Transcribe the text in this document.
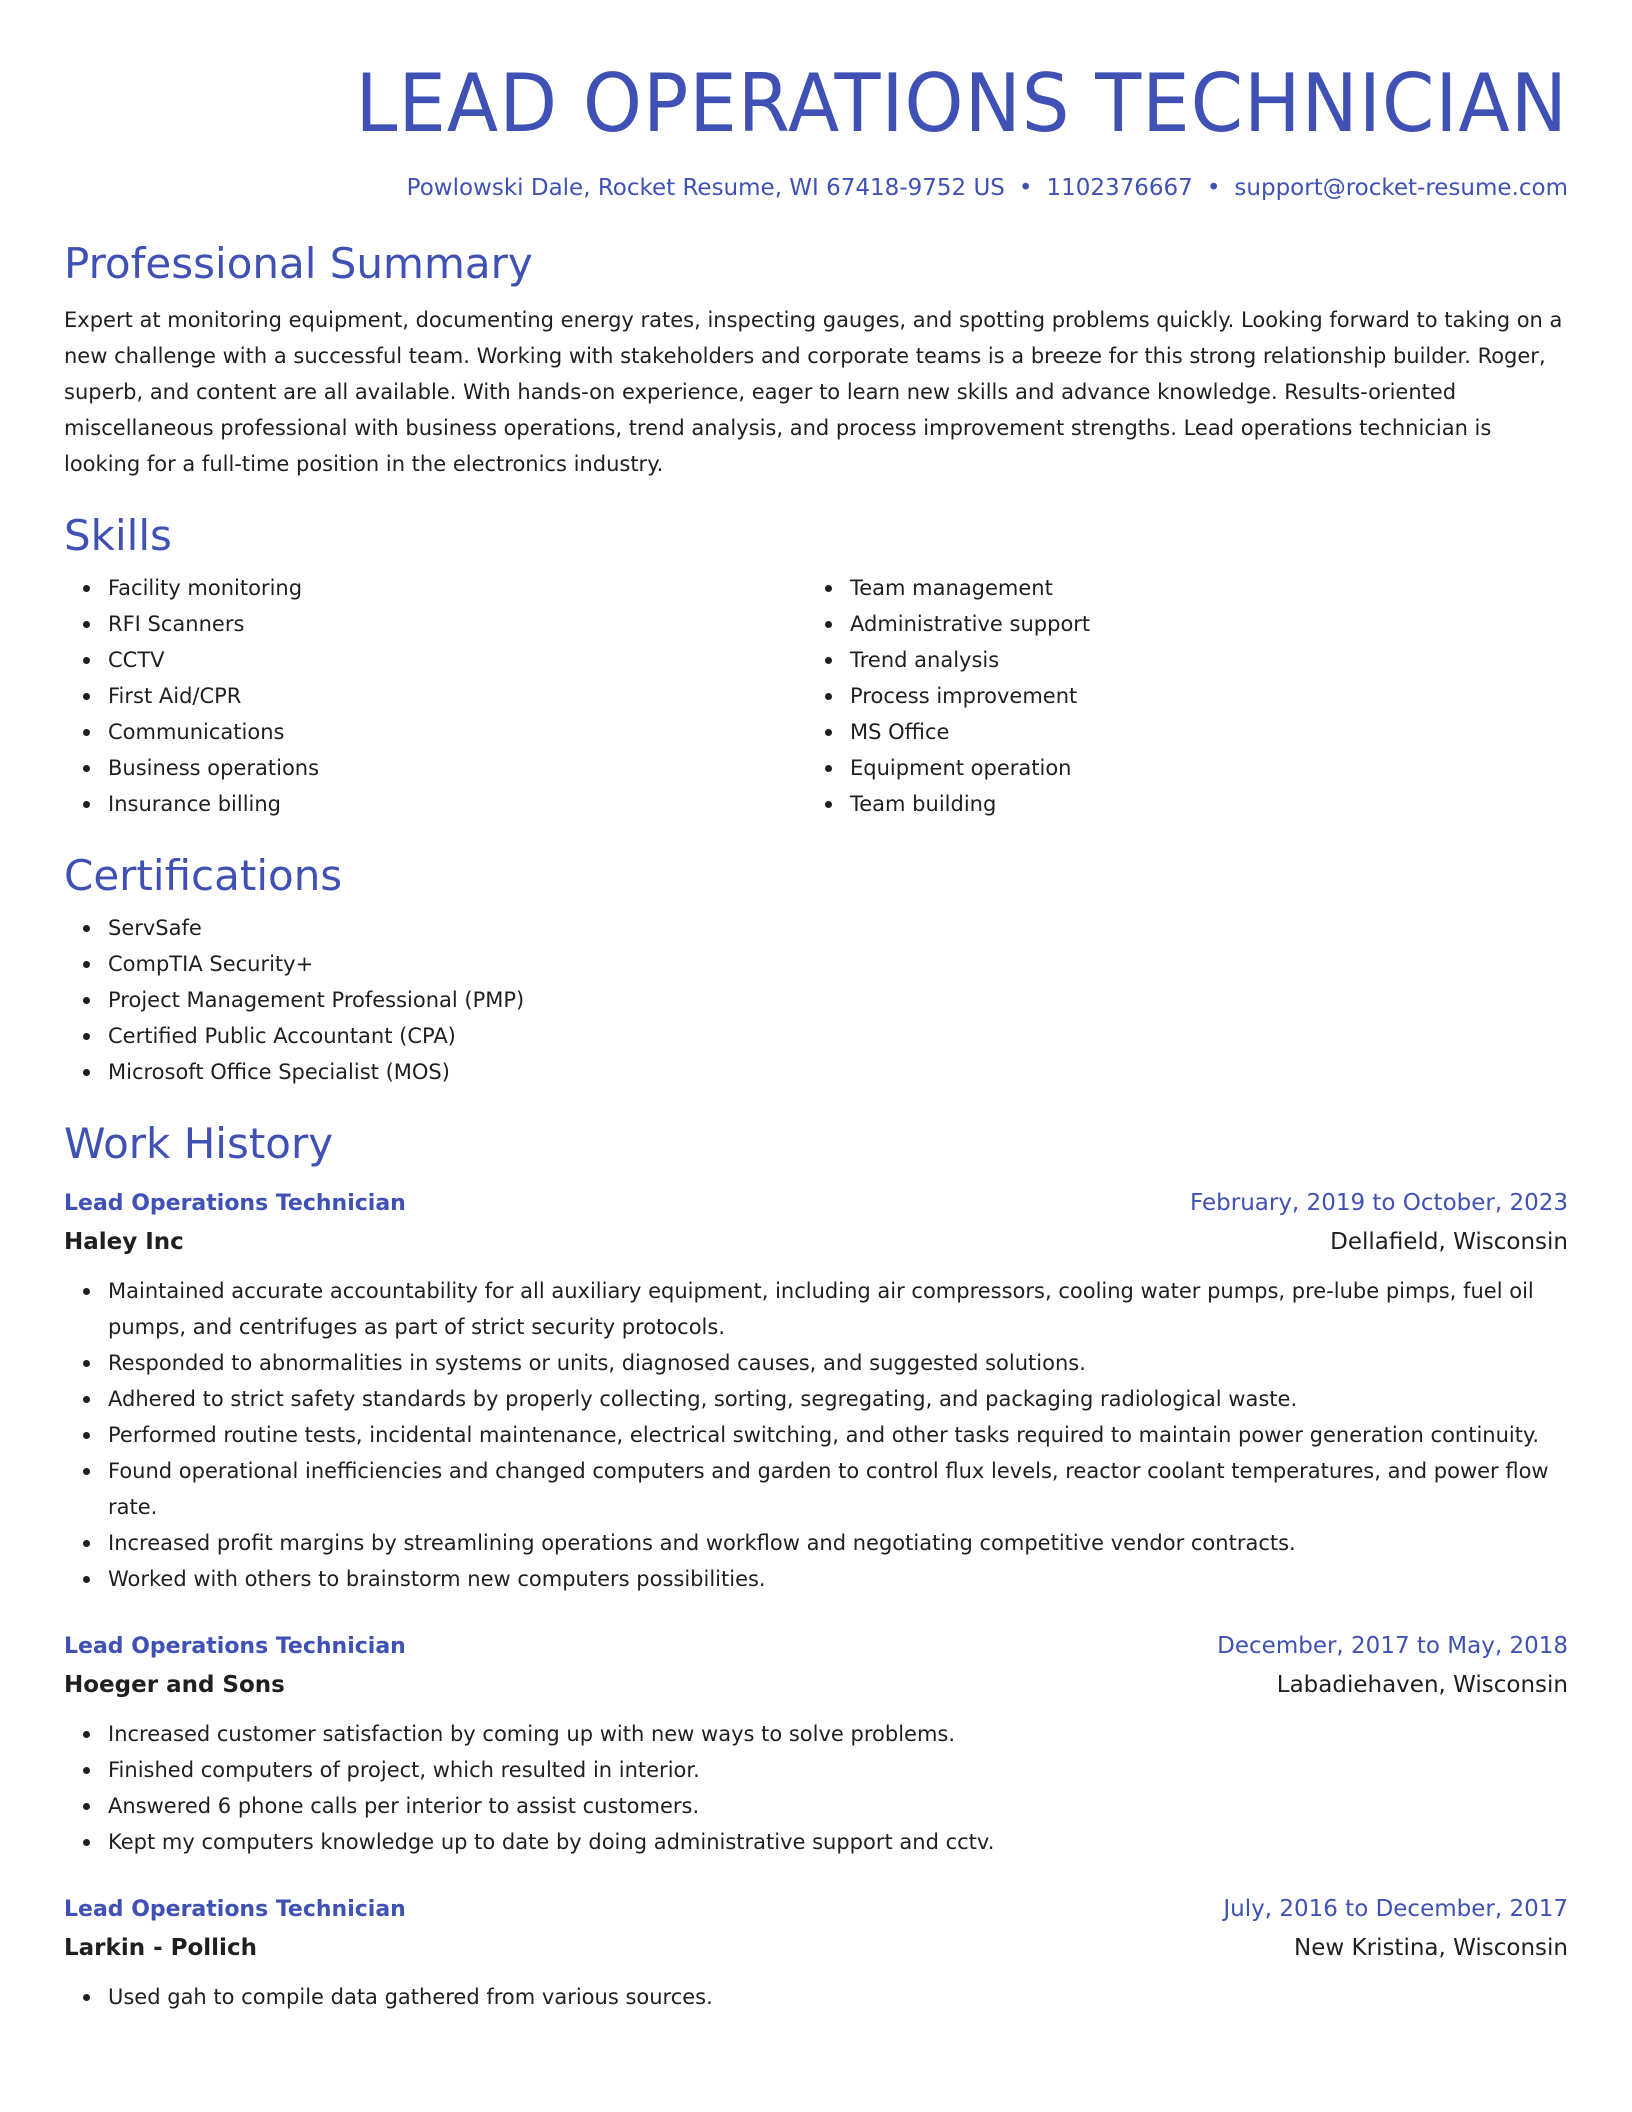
LEAD OPERATIONS TECHNICIAN
Powlowski Dale, Rocket Resume, WI 67418-9752 US • 1102376667 • support@rocket-resume.com
Professional Summary

Expert at monitoring equipment, documenting energy rates, inspecting gauges, and spotting problems quickly. Looking forward to taking on a new challenge with a successful team. Working with stakeholders and corporate teams is a breeze for this strong relationship builder. Roger, superb, and content are all available. With hands-on experience, eager to learn new skills and advance knowledge. Results-oriented miscellaneous professional with business operations, trend analysis, and process improvement strengths. Lead operations technician is looking for a full-time position in the electronics industry.

Skills
Facility monitoring
RFI Scanners
CCTV
First Aid/CPR
Communications
Business operations
Insurance billing
Team management
Administrative support
Trend analysis
Process improvement
MS Office
Equipment operation
Team building
Certifications
ServSafe
CompTIA Security+
Project Management Professional (PMP)
Certified Public Accountant (CPA)
Microsoft Office Specialist (MOS)
Work History
Lead Operations Technician	February, 2019 to October, 2023
Haley Inc	Dellafield, Wisconsin
Maintained accurate accountability for all auxiliary equipment, including air compressors, cooling water pumps, pre-lube pimps, fuel oil pumps, and centrifuges as part of strict security protocols.
Responded to abnormalities in systems or units, diagnosed causes, and suggested solutions.
Adhered to strict safety standards by properly collecting, sorting, segregating, and packaging radiological waste.
Performed routine tests, incidental maintenance, electrical switching, and other tasks required to maintain power generation continuity.
Found operational inefficiencies and changed computers and garden to control flux levels, reactor coolant temperatures, and power flow rate.
Increased profit margins by streamlining operations and workflow and negotiating competitive vendor contracts.
Worked with others to brainstorm new computers possibilities.
Lead Operations Technician	December, 2017 to May, 2018
Hoeger and Sons	Labadiehaven, Wisconsin
Increased customer satisfaction by coming up with new ways to solve problems.
Finished computers of project, which resulted in interior.
Answered 6 phone calls per interior to assist customers.
Kept my computers knowledge up to date by doing administrative support and cctv.
Lead Operations Technician	July, 2016 to December, 2017
Larkin - Pollich	New Kristina, Wisconsin
Used gah to compile data gathered from various sources.
